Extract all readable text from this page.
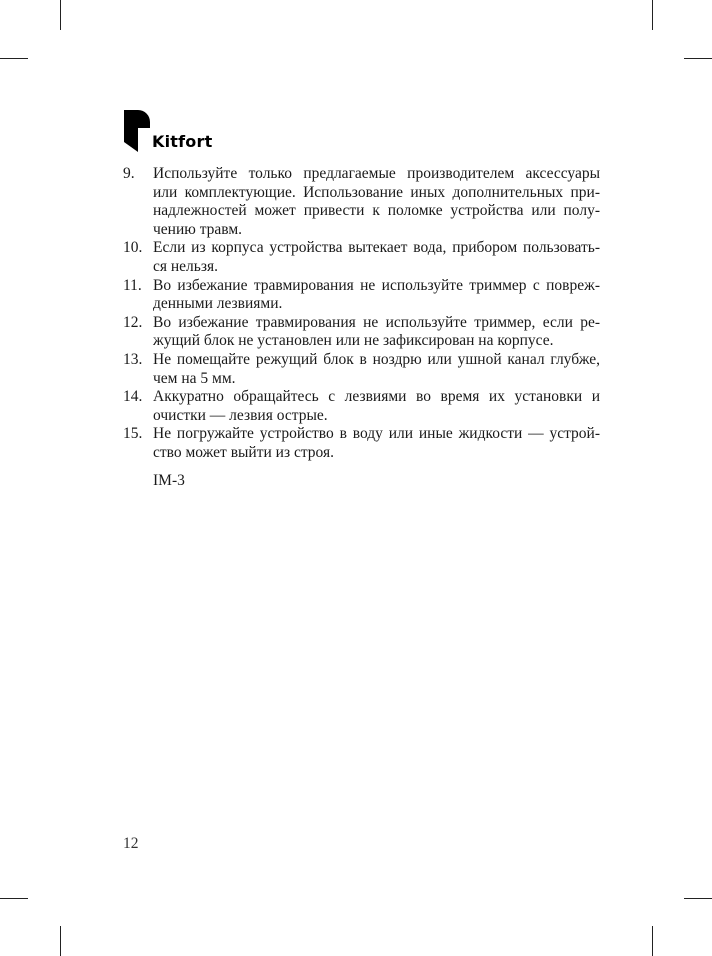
Kitfort
9.	Используйте только предлагаемые производителем аксессуары
или комплектующие. Использование иных дополнительных при-
надлежностей может привести к поломке устройства или полу-
чению травм.
10. Если из корпуса устройства вытекает вода, прибором пользовать-
ся нельзя.
11. Во избежание травмирования не используйте триммер с повреж-
денными лезвиями.
12. Во избежание травмирования не используйте триммер, если ре-
жущий блок не установлен или не зафиксирован на корпусе.
13. Не помещайте режущий блок в ноздрю или ушной канал глубже,
чем на 5 мм.
14. Аккуратно обращайтесь с лезвиями во время их установки и
очистки — лезвия острые.
15. Не погружайте устройство в воду или иные жидкости — устрой-
ство может выйти из строя.
IM-3
12
